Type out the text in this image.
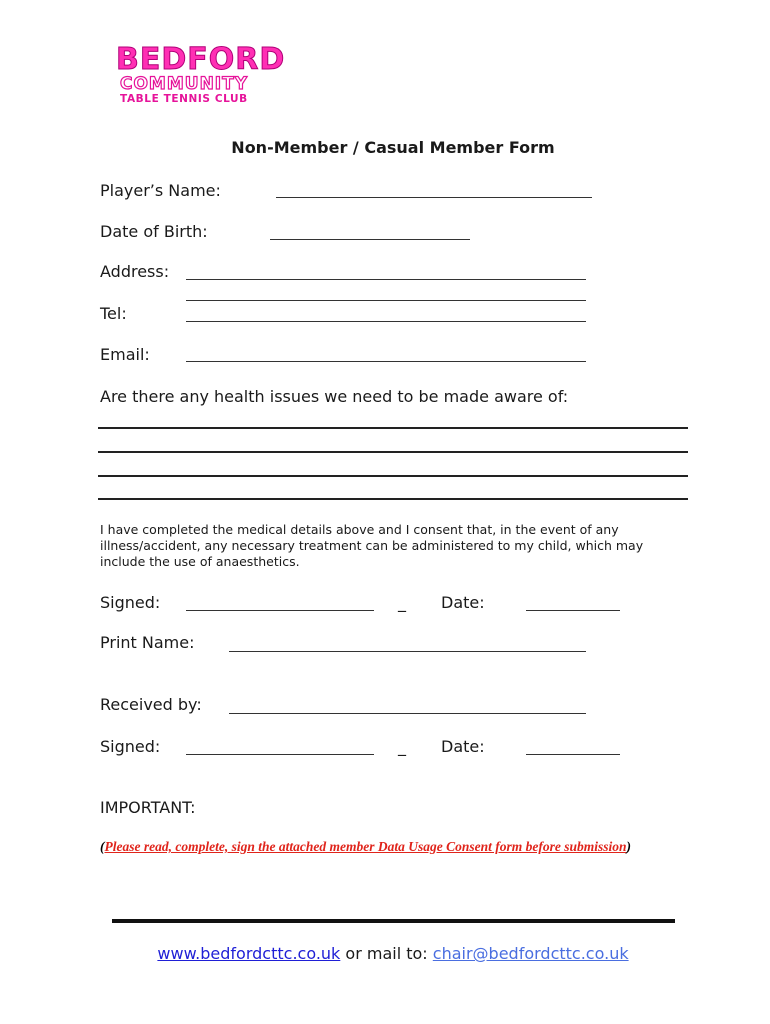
BEDFORD
COMMUNITY
TABLE TENNIS CLUB
Non-Member / Casual Member Form
Player’s Name:
Date of Birth:
Address:
Tel:
Email:
Are there any health issues we need to be made aware of:
I have completed the medical details above and I consent that, in the event of any illness/accident, any necessary treatment can be administered to my child, which may include the use of anaesthetics.
Signed:	_ Date:
Print Name:
Received by:
Signed:	_ Date:
IMPORTANT:
(Please read, complete, sign the attached member Data Usage Consent form before submission)
www.bedfordcttc.co.uk or mail to: chair@bedfordcttc.co.uk
